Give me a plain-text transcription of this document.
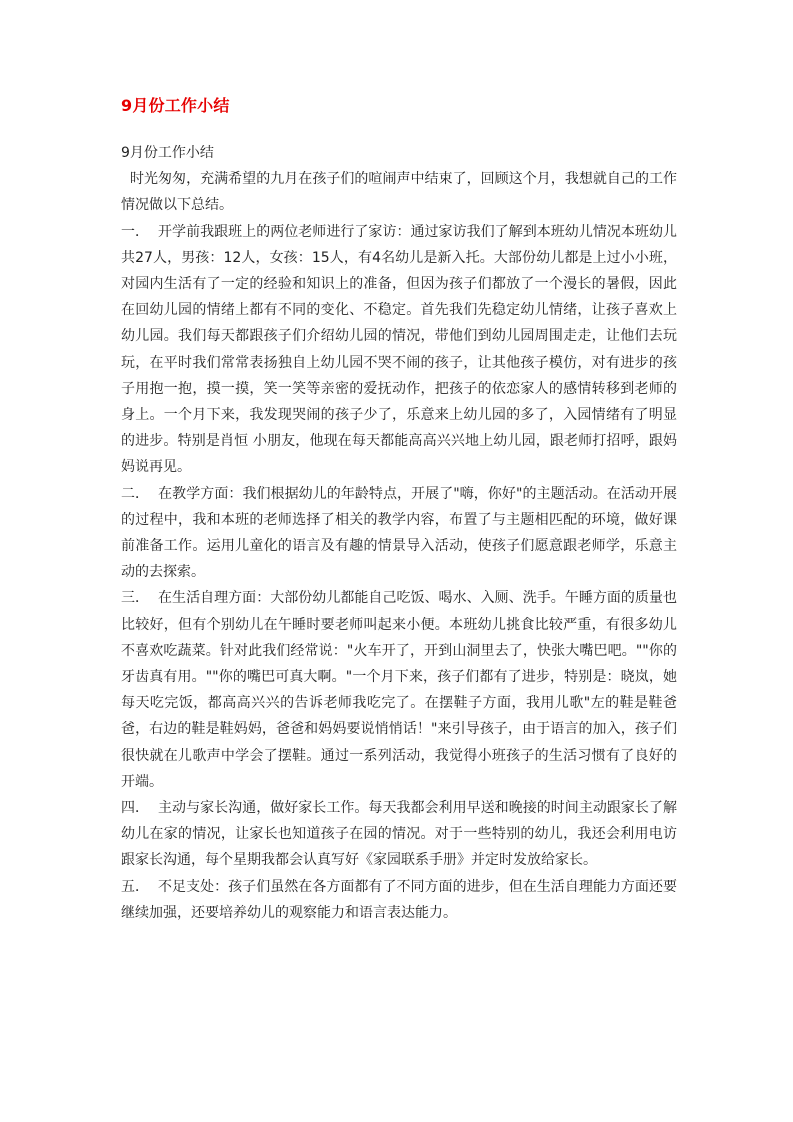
9月份工作小结

9月份工作小结

时光匆匆，充满希望的九月在孩子们的喧闹声中结束了，回顾这个月，我想就自己的工作情况做以下总结。

一．  开学前我跟班上的两位老师进行了家访：通过家访我们了解到本班幼儿情况本班幼儿共27人，男孩：12人，女孩：15人，有4名幼儿是新入托。大部份幼儿都是上过小小班，对园内生活有了一定的经验和知识上的准备，但因为孩子们都放了一个漫长的暑假，因此在回幼儿园的情绪上都有不同的变化、不稳定。首先我们先稳定幼儿情绪，让孩子喜欢上幼儿园。我们每天都跟孩子们介绍幼儿园的情况，带他们到幼儿园周围走走，让他们去玩玩，在平时我们常常表扬独自上幼儿园不哭不闹的孩子，让其他孩子模仿，对有进步的孩子用抱一抱，摸一摸，笑一笑等亲密的爱抚动作，把孩子的依恋家人的感情转移到老师的身上。一个月下来，我发现哭闹的孩子少了，乐意来上幼儿园的多了，入园情绪有了明显的进步。特别是肖恒 小朋友，他现在每天都能高高兴兴地上幼儿园，跟老师打招呼，跟妈妈说再见。

二．  在教学方面：我们根据幼儿的年龄特点，开展了"嗨，你好"的主题活动。在活动开展的过程中，我和本班的老师选择了相关的教学内容，布置了与主题相匹配的环境，做好课前准备工作。运用儿童化的语言及有趣的情景导入活动，使孩子们愿意跟老师学，乐意主动的去探索。

三．  在生活自理方面：大部份幼儿都能自己吃饭、喝水、入厕、洗手。午睡方面的质量也比较好，但有个别幼儿在午睡时要老师叫起来小便。本班幼儿挑食比较严重，有很多幼儿不喜欢吃蔬菜。针对此我们经常说："火车开了，开到山洞里去了，快张大嘴巴吧。""你的牙齿真有用。""你的嘴巴可真大啊。"一个月下来，孩子们都有了进步，特别是：晓岚，她每天吃完饭，都高高兴兴的告诉老师我吃完了。在摆鞋子方面，我用儿歌"左的鞋是鞋爸爸，右边的鞋是鞋妈妈，爸爸和妈妈要说悄悄话！"来引导孩子，由于语言的加入，孩子们很快就在儿歌声中学会了摆鞋。通过一系列活动，我觉得小班孩子的生活习惯有了良好的开端。

四．  主动与家长沟通，做好家长工作。每天我都会利用早送和晚接的时间主动跟家长了解幼儿在家的情况，让家长也知道孩子在园的情况。对于一些特别的幼儿，我还会利用电访跟家长沟通，每个星期我都会认真写好《家园联系手册》并定时发放给家长。

五．  不足支处：孩子们虽然在各方面都有了不同方面的进步，但在生活自理能力方面还要继续加强，还要培养幼儿的观察能力和语言表达能力。
